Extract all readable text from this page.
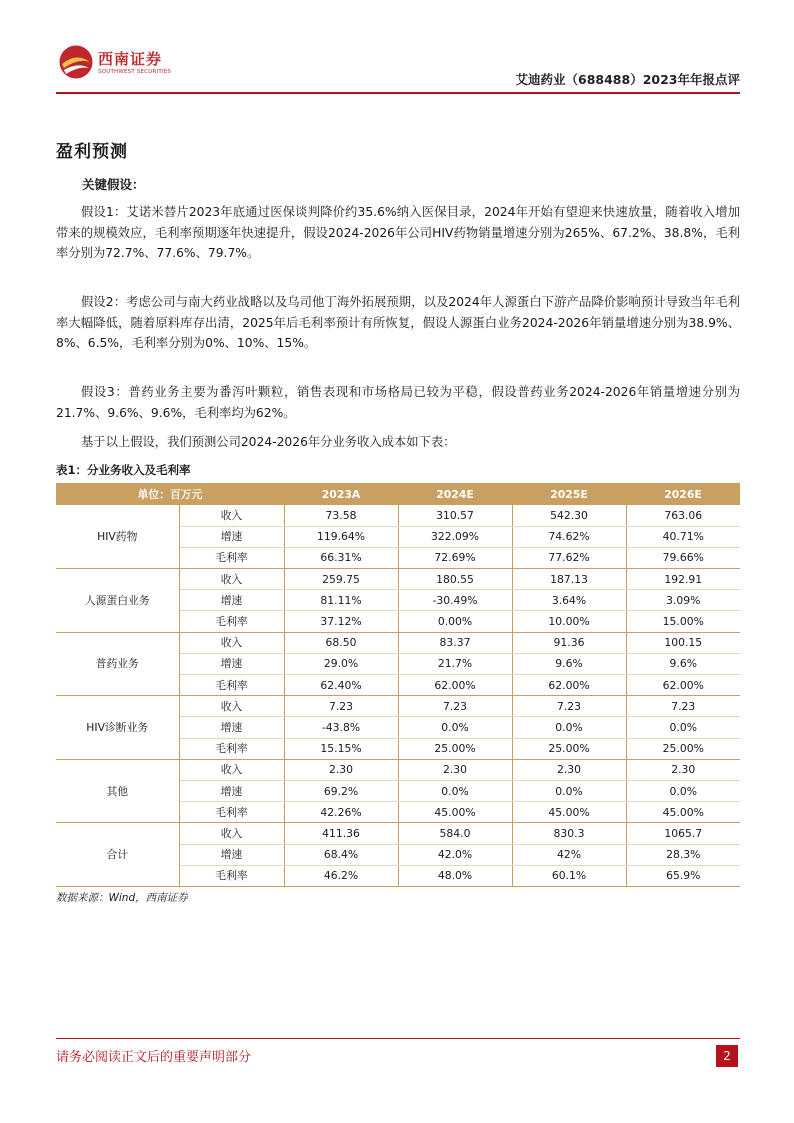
西南证券
SOUTHWEST SECURITIES	艾迪药业（688488）2023年年报点评
盈利预测
关键假设：

假设1：艾诺米替片2023年底通过医保谈判降价约35.6%纳入医保目录，2024年开始有望迎来快速放量，随着收入增加带来的规模效应，毛利率预期逐年快速提升，假设2024-2026年公司HIV药物销量增速分别为265%、67.2%、38.8%，毛利率分别为72.7%、77.6%、79.7%。

假设2：考虑公司与南大药业战略以及乌司他丁海外拓展预期，以及2024年人源蛋白下游产品降价影响预计导致当年毛利率大幅降低，随着原料库存出清，2025年后毛利率预计有所恢复，假设人源蛋白业务2024-2026年销量增速分别为38.9%、8%、6.5%，毛利率分别为0%、10%、15%。

假设3：普药业务主要为番泻叶颗粒，销售表现和市场格局已较为平稳，假设普药业务2024-2026年销量增速分别为21.7%、9.6%、9.6%，毛利率均为62%。

基于以上假设，我们预测公司2024-2026年分业务收入成本如下表：

表1：分业务收入及毛利率
单位：百万元		2023A	2024E	2025E	2026E
HIV药物	收入	73.58	310.57	542.30	763.06
	增速	119.64%	322.09%	74.62%	40.71%
	毛利率	66.31%	72.69%	77.62%	79.66%
人源蛋白业务	收入	259.75	180.55	187.13	192.91
	增速	81.11%	-30.49%	3.64%	3.09%
	毛利率	37.12%	0.00%	10.00%	15.00%
普药业务	收入	68.50	83.37	91.36	100.15
	增速	29.0%	21.7%	9.6%	9.6%
	毛利率	62.40%	62.00%	62.00%	62.00%
HIV诊断业务	收入	7.23	7.23	7.23	7.23
	增速	-43.8%	0.0%	0.0%	0.0%
	毛利率	15.15%	25.00%	25.00%	25.00%
其他	收入	2.30	2.30	2.30	2.30
	增速	69.2%	0.0%	0.0%	0.0%
	毛利率	42.26%	45.00%	45.00%	45.00%
合计	收入	411.36	584.0	830.3	1065.7
	增速	68.4%	42.0%	42%	28.3%
	毛利率	46.2%	48.0%	60.1%	65.9%
数据来源：Wind，西南证券
请务必阅读正文后的重要声明部分	2
